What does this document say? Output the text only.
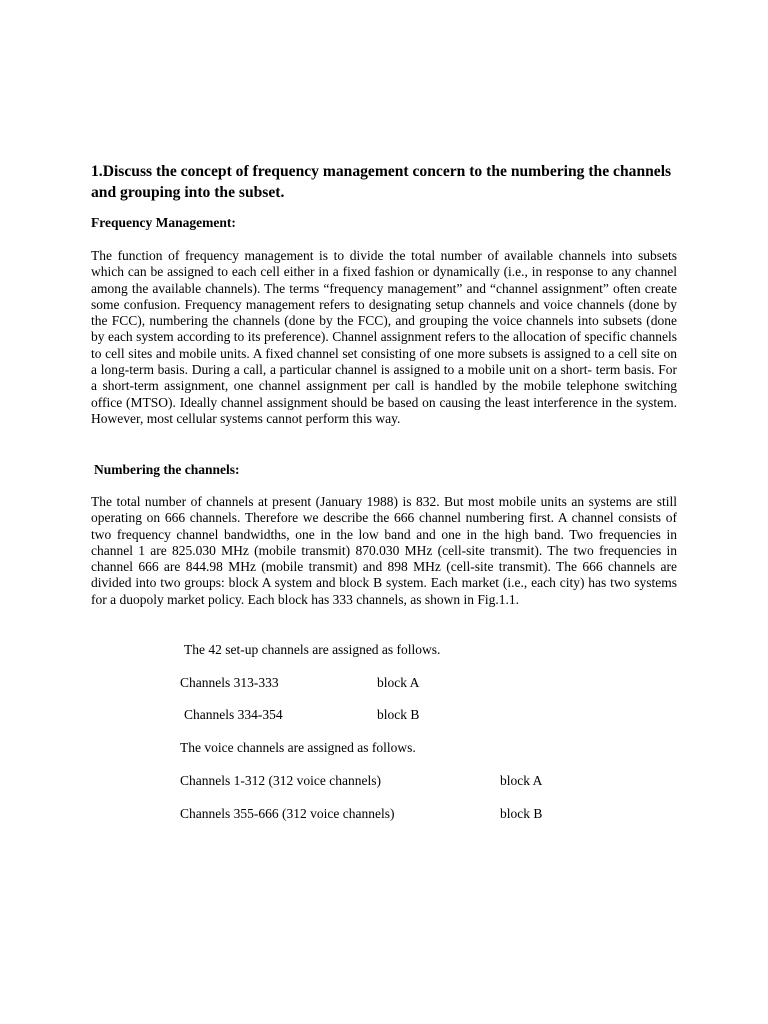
1.Discuss the concept of frequency management concern to the numbering the channels and grouping into the subset.
Frequency Management:

The function of frequency management is to divide the total number of available channels into subsets which can be assigned to each cell either in a fixed fashion or dynamically (i.e., in response to any channel among the available channels). The terms “frequency management” and “channel assignment” often create some confusion. Frequency management refers to designating setup channels and voice channels (done by the FCC), numbering the channels (done by the FCC), and grouping the voice channels into subsets (done by each system according to its preference). Channel assignment refers to the allocation of specific channels to cell sites and mobile units. A fixed channel set consisting of one more subsets is assigned to a cell site on a long-term basis. During a call, a particular channel is assigned to a mobile unit on a short- term basis. For a short-term assignment, one channel assignment per call is handled by the mobile telephone switching office (MTSO). Ideally channel assignment should be based on causing the least interference in the system. However, most cellular systems cannot perform this way.

Numbering the channels:

The total number of channels at present (January 1988) is 832. But most mobile units an systems are still operating on 666 channels. Therefore we describe the 666 channel numbering first. A channel consists of two frequency channel bandwidths, one in the low band and one in the high band. Two frequencies in channel 1 are 825.030 MHz (mobile transmit) 870.030 MHz (cell-site transmit). The two frequencies in channel 666 are 844.98 MHz (mobile transmit) and 898 MHz (cell-site transmit). The 666 channels are divided into two groups: block A system and block B system. Each market (i.e., each city) has two systems for a duopoly market policy. Each block has 333 channels, as shown in Fig.1.1.

The 42 set-up channels are assigned as follows.
Channels 313-333	block A
Channels 334-354	block B
The voice channels are assigned as follows.
Channels 1-312 (312 voice channels)	block A
Channels 355-666 (312 voice channels)	block B
